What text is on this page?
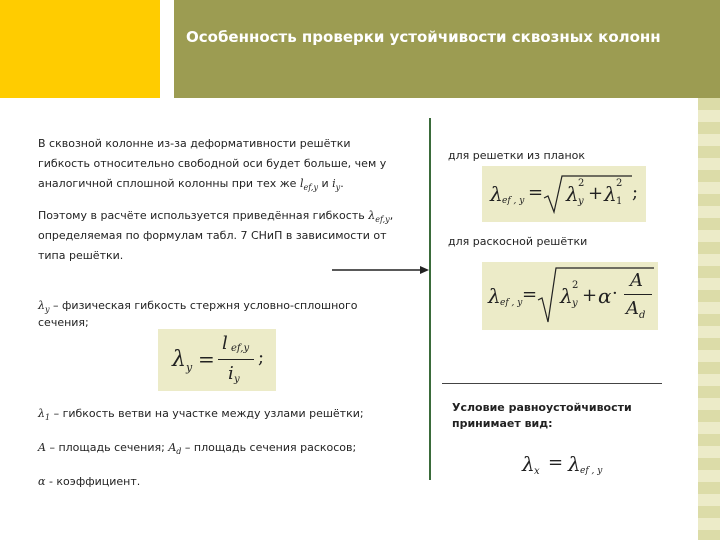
Особенность проверки устойчивости сквозных колонн
В сквозной колонне из-за деформативности решётки
гибкость относительно свободной оси будет больше, чем у
аналогичной сплошной колонны при тех же $l_{ef,y}$ и $i_y$.
Поэтому в расчёте используется приведённая гибкость $\lambda_{ef,y}$,
определяемая по формулам табл. 7 СНиП в зависимости от
типа решётки.
$\lambda_y$ – физическая гибкость стержня условно-сплошного
сечения;
λ y =
l ef,y
i y
;
$\lambda_1$ – гибкость ветви на участке между узлами решётки;
A – площадь сечения; $A_d$ – площадь сечения раскосов;
α - коэффициент.
для решетки из планок
λ ef , y = λ 2
y + λ 2
1 ;
для раскосной решётки
λ ef , y = λ 2
y + α ·
A
A d
Условие равноустойчивости
принимает вид:
λ x = λ ef , y
